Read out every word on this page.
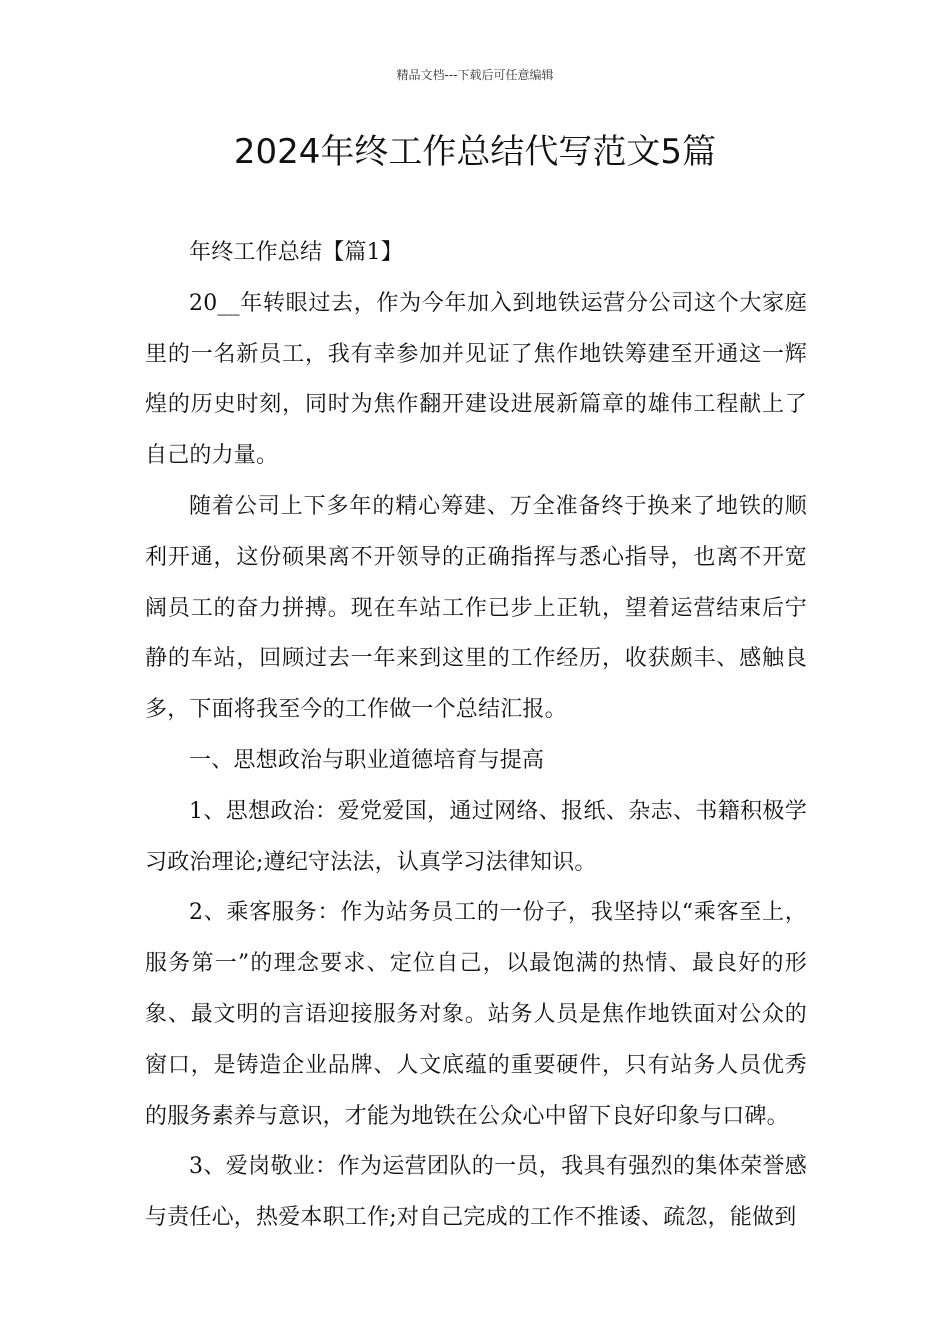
精品文档---下载后可任意编辑
2024年终工作总结代写范文5篇

年终工作总结【篇1】

20__年转眼过去，作为今年加入到地铁运营分公司这个大家庭里的一名新员工，我有幸参加并见证了焦作地铁筹建至开通这一辉煌的历史时刻，同时为焦作翻开建设进展新篇章的雄伟工程献上了自己的力量。

随着公司上下多年的精心筹建、万全准备终于换来了地铁的顺利开通，这份硕果离不开领导的正确指挥与悉心指导，也离不开宽阔员工的奋力拼搏。现在车站工作已步上正轨，望着运营结束后宁静的车站，回顾过去一年来到这里的工作经历，收获颇丰、感触良多，下面将我至今的工作做一个总结汇报。

一、思想政治与职业道德培育与提高

1、思想政治：爱党爱国，通过网络、报纸、杂志、书籍积极学习政治理论;遵纪守法法，认真学习法律知识。

2、乘客服务：作为站务员工的一份子，我坚持以“乘客至上，服务第一”的理念要求、定位自己，以最饱满的热情、最良好的形象、最文明的言语迎接服务对象。站务人员是焦作地铁面对公众的窗口，是铸造企业品牌、人文底蕴的重要硬件，只有站务人员优秀的服务素养与意识，才能为地铁在公众心中留下良好印象与口碑。

3、爱岗敬业：作为运营团队的一员，我具有强烈的集体荣誉感与责任心，热爱本职工作;对自己完成的工作不推诿、疏忽，能做到
